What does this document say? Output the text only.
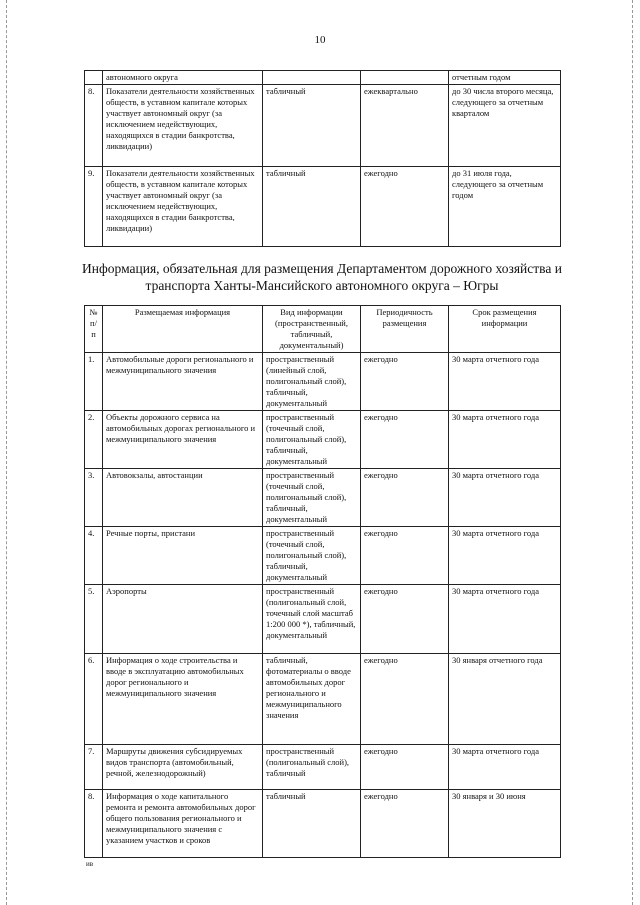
10
	автономного округа			отчетным годом
8.	Показатели деятельности хозяйственных обществ, в уставном капитале которых участвует автономный округ (за исключением недействующих, находящихся в стадии банкротства, ликвидации)	табличный	ежеквартально	до 30 числа второго месяца, следующего за отчетным кварталом
9.	Показатели деятельности хозяйственных обществ, в уставном капитале которых участвует автономный округ (за исключением недействующих, находящихся в стадии банкротства, ликвидации)	табличный	ежегодно	до 31 июля года, следующего за отчетным годом
Информация, обязательная для размещения Департаментом дорожного хозяйства и транспорта Ханты-Мансийского автономного округа – Югры
№ п/п	Размещаемая информация	Вид информации (пространственный, табличный, документальный)	Периодичность размещения	Срок размещения информации
1.	Автомобильные дороги регионального и межмуниципального значения	пространственный (линейный слой, полигональный слой), табличный, документальный	ежегодно	30 марта отчетного года
2.	Объекты дорожного сервиса на автомобильных дорогах регионального и межмуниципального значения	пространственный (точечный слой, полигональный слой), табличный, документальный	ежегодно	30 марта отчетного года
3.	Автовокзалы, автостанции	пространственный (точечный слой, полигональный слой), табличный, документальный	ежегодно	30 марта отчетного года
4.	Речные порты, пристани	пространственный (точечный слой, полигональный слой), табличный, документальный	ежегодно	30 марта отчетного года
5.	Аэропорты	пространственный (полигональный слой, точечный слой масштаб 1:200 000 *), табличный, документальный	ежегодно	30 марта отчетного года
6.	Информация о ходе строительства и вводе в эксплуатацию автомобильных дорог регионального и межмуниципального значения	табличный, фотоматериалы о вводе автомобильных дорог регионального и межмуниципального значения	ежегодно	30 января отчетного года
7.	Маршруты движения субсидируемых видов транспорта (автомобильный, речной, железнодорожный)	пространственный (полигональный слой), табличный	ежегодно	30 марта отчетного года
8.	Информация о ходе капитального ремонта и ремонта автомобильных дорог общего пользования регионального и межмуниципального значения с указанием участков и сроков	табличный	ежегодно	30 января и 30 июня
ив
